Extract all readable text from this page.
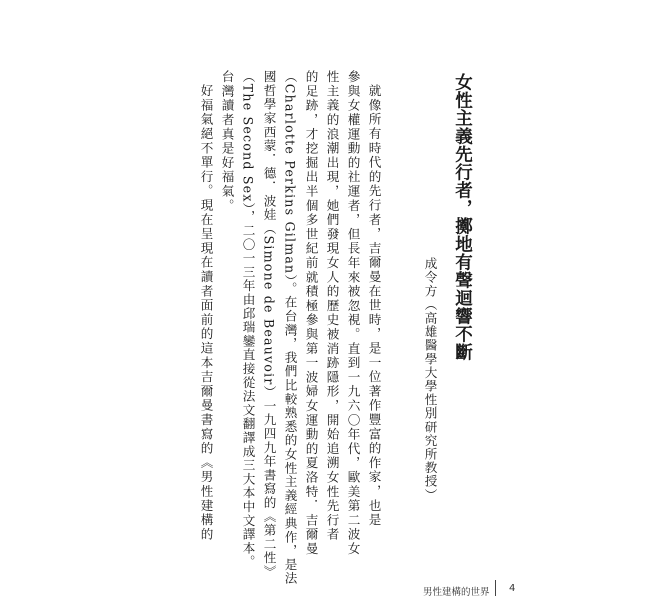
女性主義先行者，擲地有聲迴響不斷
成令方（高雄醫學大學性別研究所教授）
就像所有時代的先行者，吉爾曼在世時，是一位著作豐富的作家，也是
參與女權運動的社運者，但長年來被忽視。直到一九六〇年代，歐美第二波女
性主義的浪潮出現，她們發現女人的歷史被消跡隱形，開始追溯女性先行者
的足跡，才挖掘出半個多世紀前就積極參與第一波婦女運動的夏洛特．吉爾曼
（Charlotte Perkins Gilman）。在台灣，我們比較熟悉的女性主義經典作，是法
國哲學家西蒙．德．波娃（Simone de Beauvoir）一九四九年書寫的《第二性》
（The Second Sex），二〇一三年由邱瑞鑾直接從法文翻譯成三大本中文譯本。
台灣讀者真是好福氣。
好福氣絕不單行。現在呈現在讀者面前的這本吉爾曼書寫的《男性建構的
男性建構的世界 4
